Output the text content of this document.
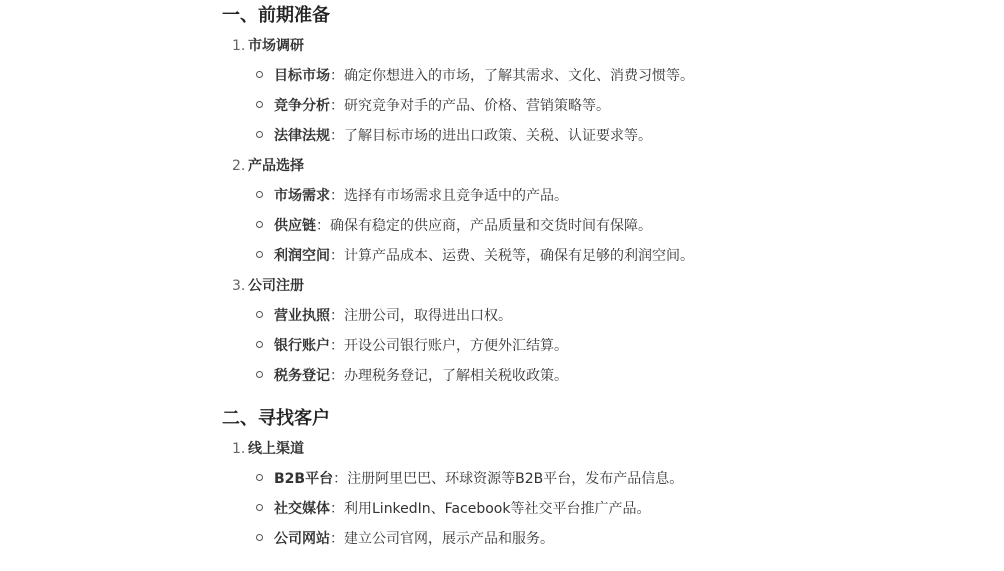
一、前期准备
1. 市场调研
目标市场：确定你想进入的市场，了解其需求、文化、消费习惯等。
竞争分析：研究竞争对手的产品、价格、营销策略等。
法律法规：了解目标市场的进出口政策、关税、认证要求等。
2. 产品选择
市场需求：选择有市场需求且竞争适中的产品。
供应链：确保有稳定的供应商，产品质量和交货时间有保障。
利润空间：计算产品成本、运费、关税等，确保有足够的利润空间。
3. 公司注册
营业执照：注册公司，取得进出口权。
银行账户：开设公司银行账户，方便外汇结算。
税务登记：办理税务登记，了解相关税收政策。
二、寻找客户
1. 线上渠道
B2B平台：注册阿里巴巴、环球资源等B2B平台，发布产品信息。
社交媒体：利用LinkedIn、Facebook等社交平台推广产品。
公司网站：建立公司官网，展示产品和服务。
